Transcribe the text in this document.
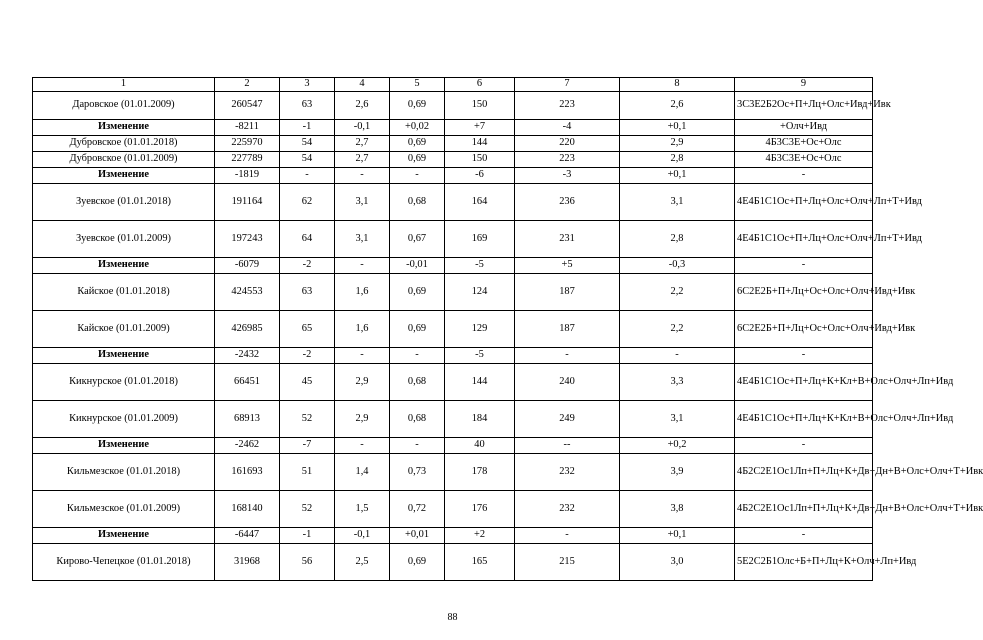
1	2	3	4	5	6	7	8	9
Даровское (01.01.2009)	260547	63	2,6	0,69	150	223	2,6	3С3Е2Б2Ос+П+Лц+Олс+Ивд+Ивк
Изменение	-8211	-1	-0,1	+0,02	+7	-4	+0,1	+Олч+Ивд
Дубровское (01.01.2018)	225970	54	2,7	0,69	144	220	2,9	4Б3С3Е+Ос+Олс
Дубровское (01.01.2009)	227789	54	2,7	0,69	150	223	2,8	4Б3С3Е+Ос+Олс
Изменение	-1819	-	-	-	-6	-3	+0,1	-
Зуевское (01.01.2018)	191164	62	3,1	0,68	164	236	3,1	4Е4Б1С1Ос+П+Лц+Олс+Олч+Лп+Т+Ивд
Зуевское (01.01.2009)	197243	64	3,1	0,67	169	231	2,8	4Е4Б1С1Ос+П+Лц+Олс+Олч+Лп+Т+Ивд
Изменение	-6079	-2	-	-0,01	-5	+5	-0,3	-
Кайское (01.01.2018)	424553	63	1,6	0,69	124	187	2,2	6С2Е2Б+П+Лц+Ос+Олс+Олч+Ивд+Ивк
Кайское (01.01.2009)	426985	65	1,6	0,69	129	187	2,2	6С2Е2Б+П+Лц+Ос+Олс+Олч+Ивд+Ивк
Изменение	-2432	-2	-	-	-5	-	-	-
Кикнурское (01.01.2018)	66451	45	2,9	0,68	144	240	3,3	4Е4Б1С1Ос+П+Лц+К+Кл+В+Олс+Олч+Лп+Ивд
Кикнурское (01.01.2009)	68913	52	2,9	0,68	184	249	3,1	4Е4Б1С1Ос+П+Лц+К+Кл+В+Олс+Олч+Лп+Ивд
Изменение	-2462	-7	-	-	40	--	+0,2	-
Кильмезское (01.01.2018)	161693	51	1,4	0,73	178	232	3,9	4Б2С2Е1Ос1Лп+П+Лц+К+Дв+Дн+В+Олс+Олч+Т+Ивк
Кильмезское (01.01.2009)	168140	52	1,5	0,72	176	232	3,8	4Б2С2Е1Ос1Лп+П+Лц+К+Дв+Дн+В+Олс+Олч+Т+Ивк
Изменение	-6447	-1	-0,1	+0,01	+2	-	+0,1	-
Кирово-Чепецкое (01.01.2018)	31968	56	2,5	0,69	165	215	3,0	5Е2С2Б1Олс+Б+П+Лц+К+Олч+Лп+Ивд
88
